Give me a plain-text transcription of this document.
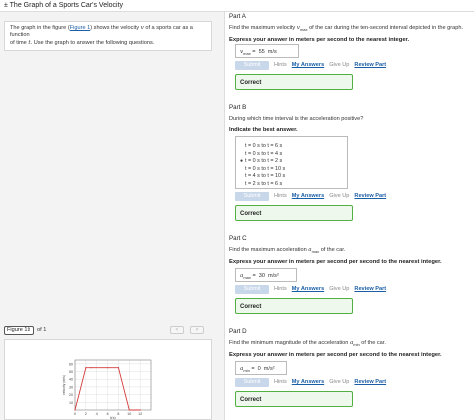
± The Graph of a Sports Car's Velocity
The graph in the figure (Figure 1) shows the velocity v of a sports car as a function
of time t. Use the graph to answer the following questions.
Figure 1 ⇕ of 1	<	>
10
20
30
40
50
60
0 2 4 6 8 10 12
t(s)
velocity (m/s)
Part A
Find the maximum velocity $v_{max}$ of the car during the ten-second interval depicted in the graph.
Express your answer in meters per second to the nearest integer.
$v_{max} = 55$ m/s
Submit Hints My Answers Give Up Review Part
Correct
Part B
During which time interval is the acceleration positive?
Indicate the best answer.
t = 0 s to t = 6 s
t = 0 s to t = 4 s
● t = 0 s to t = 2 s
t = 0 s to t = 10 s
t = 4 s to t = 10 s
t = 2 s to t = 6 s
Submit Hints My Answers Give Up Review Part
Correct
Part C
Find the maximum acceleration $a_{max}$ of the car.
Express your answer in meters per second per second to the nearest integer.
$a_{max} = 30$ m/s²
Submit Hints My Answers Give Up Review Part
Correct
Part D
Find the minimum magnitude of the acceleration $a_{min}$ of the car.
Express your answer in meters per second per second to the nearest integer.
$a_{min} = 0$ m/s²
Submit Hints My Answers Give Up Review Part
Correct
